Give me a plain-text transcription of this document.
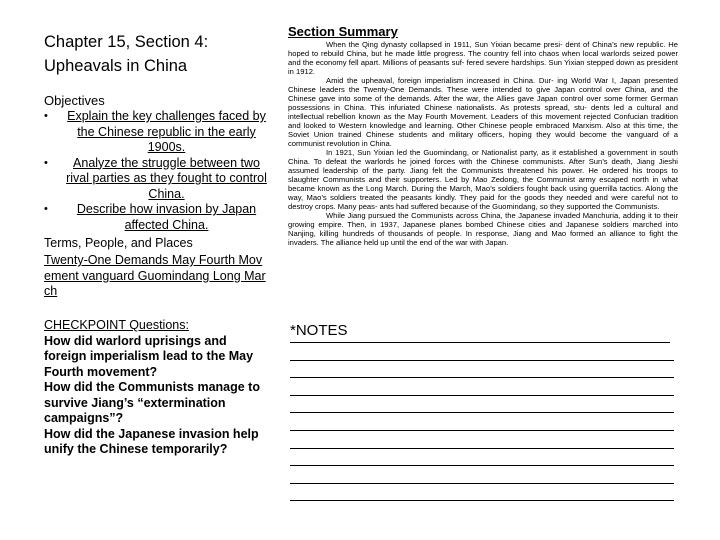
Chapter 15, Section 4:
Upheavals in China
Objectives
• Explain the key challenges faced by the Chinese republic in the early 1900s.
•	Analyze the struggle between two rival parties as they fought to control China.
•	Describe how invasion by Japan affected China.
Terms, People, and Places
Twenty-One Demands May Fourth Movement vanguard Guomindang Long March
CHECKPOINT Questions:

How did warlord uprisings and foreign imperialism lead to the May Fourth movement?

How did the Communists manage to survive Jiang’s “extermination campaigns”?

How did the Japanese invasion help unify the Chinese temporarily?

Section Summary

When the Qing dynasty collapsed in 1911, Sun Yixian became presi- dent of China’s new republic. He hoped to rebuild China, but he made little progress. The country fell into chaos when local warlords seized power and the economy fell apart. Millions of peasants suf- fered severe hardships. Sun Yixian stepped down as president in 1912.

Amid the upheaval, foreign imperialism increased in China. Dur- ing World War I, Japan presented Chinese leaders the Twenty-One Demands. These were intended to give Japan control over China, and the Chinese gave into some of the demands. After the war, the Allies gave Japan control over some former German possessions in China. This infuriated Chinese nationalists. As protests spread, stu- dents led a cultural and intellectual rebellion known as the May Fourth Movement. Leaders of this movement rejected Confucian tradition and looked to Western knowledge and learning. Other Chinese people embraced Marxism. Also at this time, the Soviet Union trained Chinese students and military officers, hoping they would become the vanguard of a communist revolution in China.

In 1921, Sun Yixian led the Guomindang, or Nationalist party, as it established a government in south China. To defeat the warlords he joined forces with the Chinese communists. After Sun’s death, Jiang Jieshi assumed leadership of the party. Jiang felt the Communists threatened his power. He ordered his troops to slaughter Communists and their supporters. Led by Mao Zedong, the Communist army escaped north in what became known as the Long March. During the March, Mao’s soldiers fought back using guerrilla tactics. Along the way, Mao’s soldiers treated the peasants kindly. They paid for the goods they needed and were careful not to destroy crops. Many peas- ants had suffered because of the Guomindang, so they supported the Communists.

While Jiang pursued the Communists across China, the Japanese invaded Manchuria, adding it to their growing empire. Then, in 1937, Japanese planes bombed Chinese cities and Japanese soldiers marched into Nanjing, killing hundreds of thousands of people. In response, Jiang and Mao formed an alliance to fight the invaders. The alliance held up until the end of the war with Japan.

*NOTES
